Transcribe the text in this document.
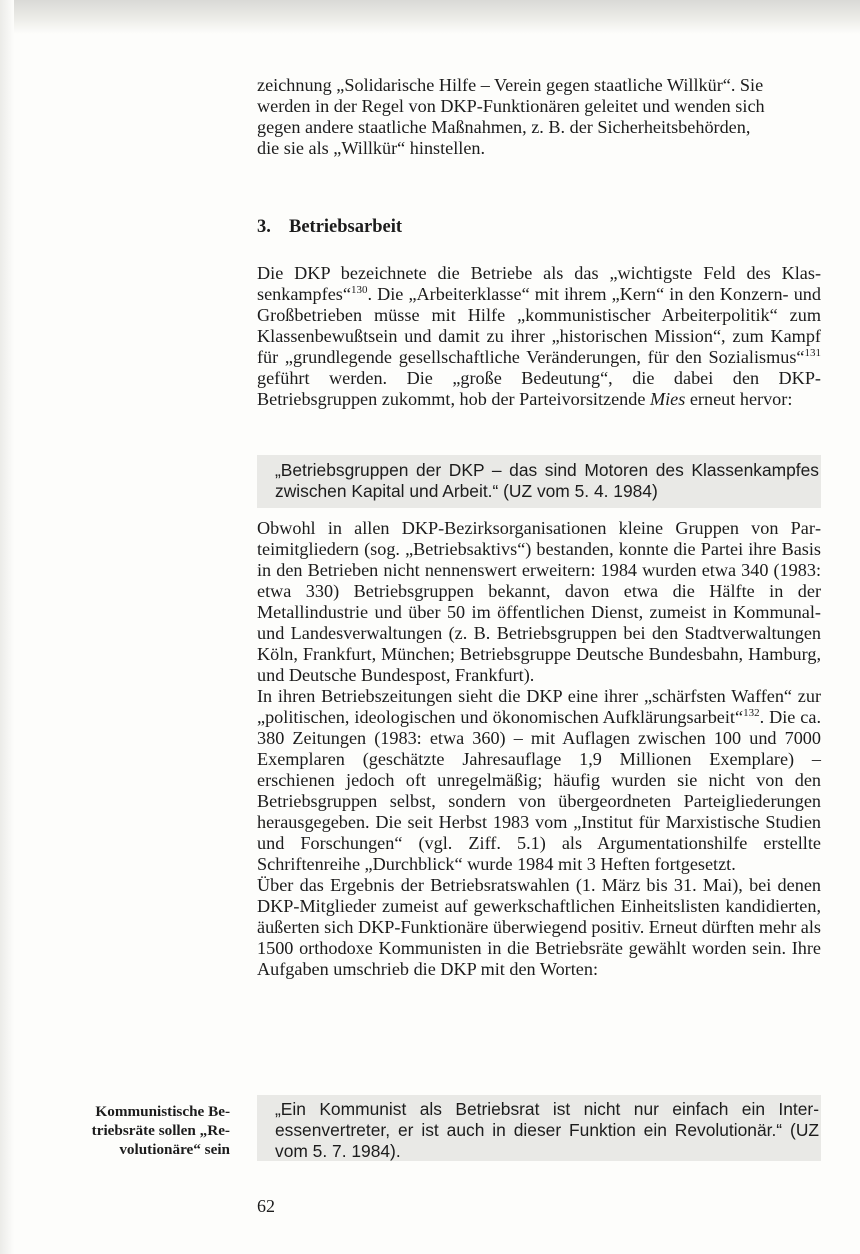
zeichnung „Solidarische Hilfe – Verein gegen staatliche Willkür“. Sie
werden in der Regel von DKP-Funktionären geleitet und wenden sich
gegen andere staatliche Maßnahmen, z. B. der Sicherheitsbehörden,
die sie als „Willkür“ hinstellen.
3. Betriebsarbeit

Die DKP bezeichnete die Betriebe als das „wichtigste Feld des Klassenkampfes“$^{130}$. Die „Arbeiterklasse“ mit ihrem „Kern“ in den Konzern- und Großbetrieben müsse mit Hilfe „kommunistischer Arbeiterpolitik“ zum Klassenbewußtsein und damit zu ihrer „historischen Mission“, zum Kampf für „grundlegende gesellschaftliche Veränderungen, für den Sozialismus“$^{131}$ geführt werden. Die „große Bedeutung“, die dabei den DKP-Betriebsgruppen zukommt, hob der Parteivorsitzende Mies erneut hervor:

„Betriebsgruppen der DKP – das sind Motoren des Klassenkampfes zwischen Kapital und Arbeit.“ (UZ vom 5. 4. 1984)

Obwohl in allen DKP-Bezirksorganisationen kleine Gruppen von Parteimitgliedern (sog. „Betriebsaktivs“) bestanden, konnte die Partei ihre Basis in den Betrieben nicht nennenswert erweitern: 1984 wurden etwa 340 (1983: etwa 330) Betriebsgruppen bekannt, davon etwa die Hälfte in der Metallindustrie und über 50 im öffentlichen Dienst, zumeist in Kommunal- und Landesverwaltungen (z. B. Betriebsgruppen bei den Stadtverwaltungen Köln, Frankfurt, München; Betriebsgruppe Deutsche Bundesbahn, Hamburg, und Deutsche Bundespost, Frankfurt).

In ihren Betriebszeitungen sieht die DKP eine ihrer „schärfsten Waffen“ zur „politischen, ideologischen und ökonomischen Aufklärungsarbeit“$^{132}$. Die ca. 380 Zeitungen (1983: etwa 360) – mit Auflagen zwischen 100 und 7000 Exemplaren (geschätzte Jahresauflage 1,9 Millionen Exemplare) – erschienen jedoch oft unregelmäßig; häufig wurden sie nicht von den Betriebsgruppen selbst, sondern von übergeordneten Parteigliederungen herausgegeben. Die seit Herbst 1983 vom „Institut für Marxistische Studien und Forschungen“ (vgl. Ziff. 5.1) als Argumentationshilfe erstellte Schriftenreihe „Durchblick“ wurde 1984 mit 3 Heften fortgesetzt.

Über das Ergebnis der Betriebsratswahlen (1. März bis 31. Mai), bei denen DKP-Mitglieder zumeist auf gewerkschaftlichen Einheitslisten kandidierten, äußerten sich DKP-Funktionäre überwiegend positiv. Erneut dürften mehr als 1500 orthodoxe Kommunisten in die Betriebsräte gewählt worden sein. Ihre Aufgaben umschrieb die DKP mit den Worten:

Kommunistische Be-
triebsräte sollen „Re-
volutionäre“ sein
„Ein Kommunist als Betriebsrat ist nicht nur einfach ein Interessenvertreter, er ist auch in dieser Funktion ein Revolutionär.“ (UZ vom 5. 7. 1984).
62
